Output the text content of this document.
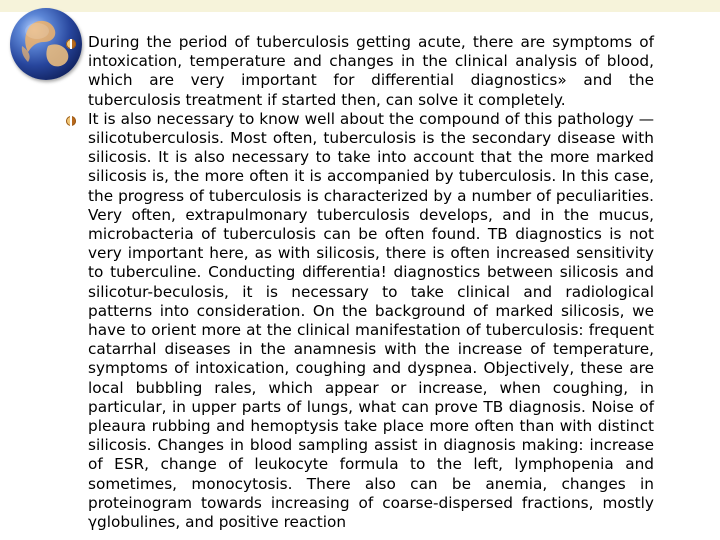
During the period of tuberculosis getting acute, there are symptoms of intoxication, temperature and changes in the clinical analysis of blood, which are very important for differential diagnostics» and the tuberculosis treatment if started then, can solve it completely.

It is also necessary to know well about the compound of this pathology — silicotuberculosis. Most often, tuberculosis is the secondary disease with silicosis. It is also necessary to take into account that the more marked silicosis is, the more often it is accompanied by tuberculosis. In this case, the progress of tuberculosis is characterized by a number of peculiarities. Very often, extrapulmonary tuberculosis develops, and in the mucus, microbacteria of tuberculosis can be often found. TB diagnostics is not very important here, as with silicosis, there is often increased sensitivity to tuberculine. Conducting differentia! diagnostics between silicosis and silicotur-beculosis, it is necessary to take clinical and radiological patterns into consideration. On the background of marked silicosis, we have to orient more at the clinical manifestation of tuberculosis: frequent catarrhal diseases in the anamnesis with the increase of temperature, symptoms of intoxication, coughing and dyspnea. Objectively, these are local bubbling rales, which appear or increase, when coughing, in particular, in upper parts of lungs, what can prove TB diagnosis. Noise of pleaura rubbing and hemoptysis take place more often than with distinct silicosis. Changes in blood sampling assist in diagnosis making: increase of ESR, change of leukocyte formula to the left, lymphopenia and sometimes, monocytosis. There also can be anemia, changes in proteinogram towards increasing of coarse-dispersed fractions, mostly γglobulines, and positive reaction
